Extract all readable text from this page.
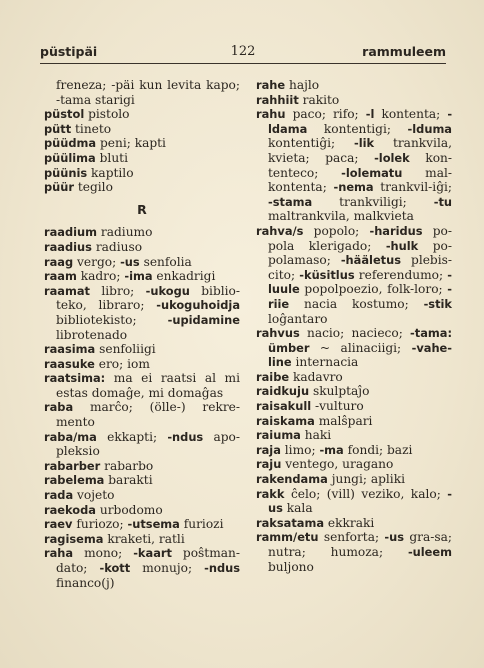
püstipäi	122	rammuleem
freneza; -päi kun levita kapo; -tama starigi
püstol pistolo
pütt tineto
püüdma peni; kapti
püülima bluti
püünis kaptilo
püür tegilo
R
raadium radiumo
raadius radiuso
raag vergo; -us senfolia
raam kadro; -ima enkadrigi
raamat libro; -ukogu biblio-teko, libraro; -ukoguhoidja bibliotekisto;	-upidamine librotenado
raasima senfoliigi
raasuke ero; iom
raatsima: ma ei raatsi al mi estas domaĝe, mi domaĝas
raba marĉo; (ölle-) rekre-mento
raba/ma ekkapti; -ndus apo-pleksio
rabarber rabarbo
rabelema barakti
rada vojeto
raekoda urbodomo
raev furiozo; -utsema furiozi
ragisema kraketi, ratli
raha mono; -kaart poŝtman-dato; -kott monujo; -ndus financo(j)
rahe hajlo
rahhiit rakito
rahu paco; rifo; -l kontenta; -ldama kontentigi; -lduma kontentiĝi; -lik trankvila, kvieta; paca; -lolek kon-tenteco; -lolematu mal-kontenta; -nema trankvil-iĝi; -stama trankviligi; -tu maltrankvila, malkvieta
rahva/s popolo; -haridus po-pola klerigado; -hulk po-polamaso; -hääletus plebis-cito; -küsitlus referendumo; -luule popolpoezio, folk-loro; -riie nacia kostumo; -stik loĝantaro
rahvus nacio; nacieco; -tama: ümber ~ alinaciigi; -vahe-line internacia
raibe kadavro
raidkuju skulptaĵo
raisakull -vulturo
raiskama malŝpari
raiuma haki
raja limo; -ma fondi; bazi
raju ventego, uragano
rakendama jungi; apliki
rakk ĉelo; (vill) veziko, kalo; -us kala
raksatama ekkraki
ramm/etu senforta; -us gra-sa; nutra; humoza; -uleem buljono
